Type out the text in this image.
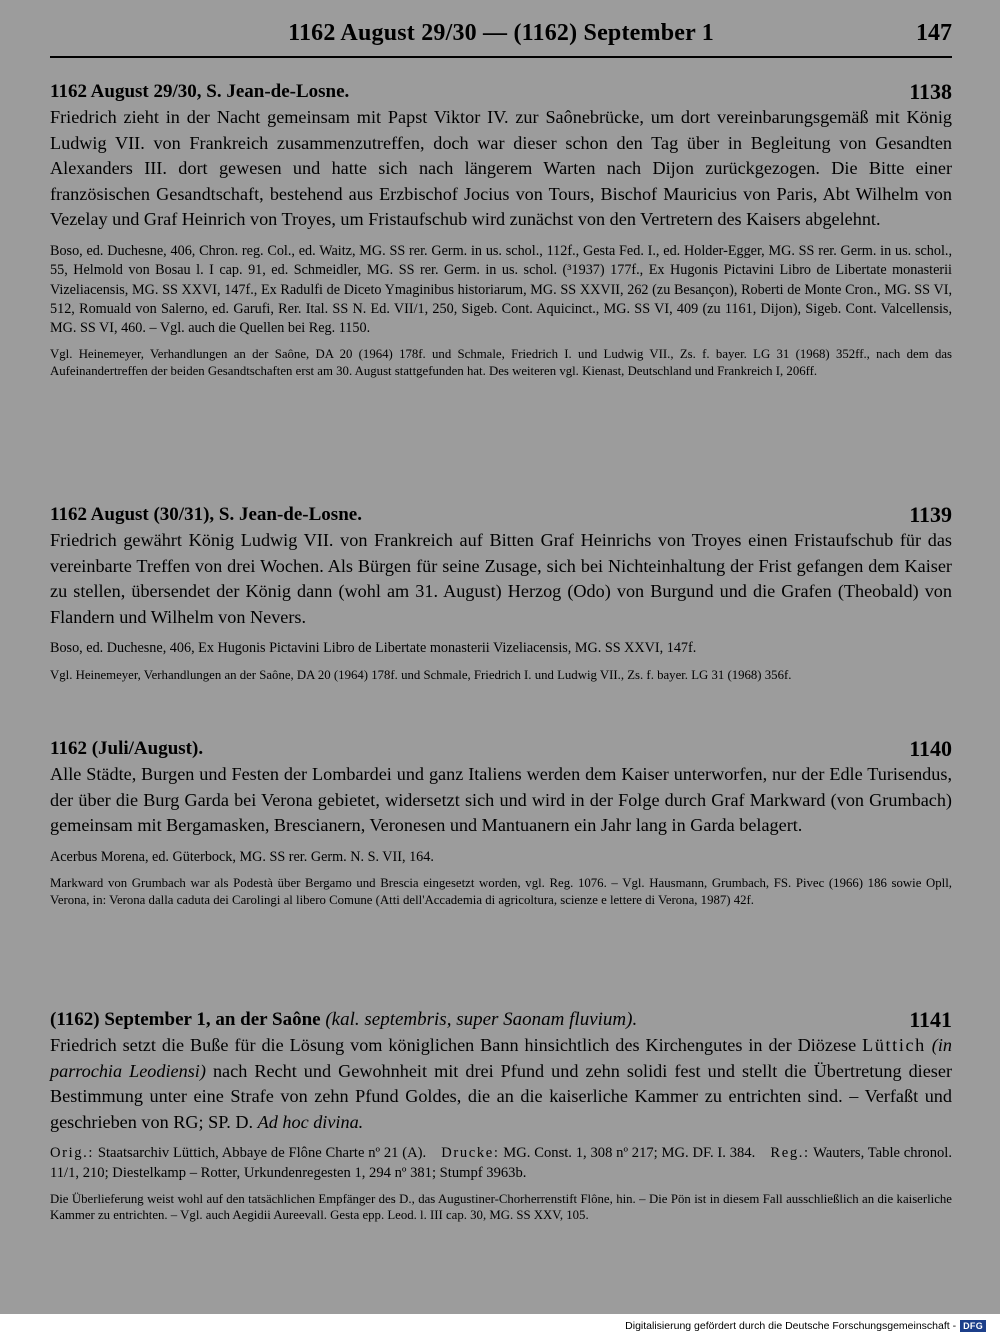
1162 August 29/30 — (1162) September 1	147
1162 August 29/30, S. Jean-de-Losne.	1138
Friedrich zieht in der Nacht gemeinsam mit Papst Viktor IV. zur Saônebrücke, um dort vereinbarungsgemäß mit König Ludwig VII. von Frankreich zusammenzutreffen, doch war dieser schon den Tag über in Begleitung von Gesandten Alexanders III. dort gewesen und hatte sich nach längerem Warten nach Dijon zurückgezogen. Die Bitte einer französischen Gesandtschaft, bestehend aus Erzbischof Jocius von Tours, Bischof Mauricius von Paris, Abt Wilhelm von Vezelay und Graf Heinrich von Troyes, um Fristaufschub wird zunächst von den Vertretern des Kaisers abgelehnt.
Boso, ed. Duchesne, 406, Chron. reg. Col., ed. Waitz, MG. SS rer. Germ. in us. schol., 112f., Gesta Fed. I., ed. Holder-Egger, MG. SS rer. Germ. in us. schol., 55, Helmold von Bosau l. I cap. 91, ed. Schmeidler, MG. SS rer. Germ. in us. schol. (³1937) 177f., Ex Hugonis Pictavini Libro de Libertate monasterii Vizeliacensis, MG. SS XXVI, 147f., Ex Radulfi de Diceto Ymaginibus historiarum, MG. SS XXVII, 262 (zu Besançon), Roberti de Monte Cron., MG. SS VI, 512, Romuald von Salerno, ed. Garufi, Rer. Ital. SS N. Ed. VII/1, 250, Sigeb. Cont. Aquicinct., MG. SS VI, 409 (zu 1161, Dijon), Sigeb. Cont. Valcellensis, MG. SS VI, 460. – Vgl. auch die Quellen bei Reg. 1150.
Vgl. Heinemeyer, Verhandlungen an der Saône, DA 20 (1964) 178f. und Schmale, Friedrich I. und Ludwig VII., Zs. f. bayer. LG 31 (1968) 352ff., nach dem das Aufeinandertreffen der beiden Gesandtschaften erst am 30. August stattgefunden hat. Des weiteren vgl. Kienast, Deutschland und Frankreich I, 206ff.
1162 August (30/31), S. Jean-de-Losne.	1139
Friedrich gewährt König Ludwig VII. von Frankreich auf Bitten Graf Heinrichs von Troyes einen Fristaufschub für das vereinbarte Treffen von drei Wochen. Als Bürgen für seine Zusage, sich bei Nichteinhaltung der Frist gefangen dem Kaiser zu stellen, übersendet der König dann (wohl am 31. August) Herzog (Odo) von Burgund und die Grafen (Theobald) von Flandern und Wilhelm von Nevers.
Boso, ed. Duchesne, 406, Ex Hugonis Pictavini Libro de Libertate monasterii Vizeliacensis, MG. SS XXVI, 147f.
Vgl. Heinemeyer, Verhandlungen an der Saône, DA 20 (1964) 178f. und Schmale, Friedrich I. und Ludwig VII., Zs. f. bayer. LG 31 (1968) 356f.
1162 (Juli/August).	1140
Alle Städte, Burgen und Festen der Lombardei und ganz Italiens werden dem Kaiser unterworfen, nur der Edle Turisendus, der über die Burg Garda bei Verona gebietet, widersetzt sich und wird in der Folge durch Graf Markward (von Grumbach) gemeinsam mit Bergamasken, Brescianern, Veronesen und Mantuanern ein Jahr lang in Garda belagert.
Acerbus Morena, ed. Güterbock, MG. SS rer. Germ. N. S. VII, 164.
Markward von Grumbach war als Podestà über Bergamo und Brescia eingesetzt worden, vgl. Reg. 1076. – Vgl. Hausmann, Grumbach, FS. Pivec (1966) 186 sowie Opll, Verona, in: Verona dalla caduta dei Carolingi al libero Comune (Atti dell'Accademia di agricoltura, scienze e lettere di Verona, 1987) 42f.
(1162) September 1, an der Saône (kal. septembris, super Saonam fluvium).	1141
Friedrich setzt die Buße für die Lösung vom königlichen Bann hinsichtlich des Kirchengutes in der Diözese Lüttich (in parrochia Leodiensi) nach Recht und Gewohnheit mit drei Pfund und zehn solidi fest und stellt die Übertretung dieser Bestimmung unter eine Strafe von zehn Pfund Goldes, die an die kaiserliche Kammer zu entrichten sind. – Verfaßt und geschrieben von RG; SP. D. Ad hoc divina.
Orig.: Staatsarchiv Lüttich, Abbaye de Flône Charte nº 21 (A). Drucke: MG. Const. 1, 308 nº 217; MG. DF. I. 384. Reg.: Wauters, Table chronol. 11/1, 210; Diestelkamp – Rotter, Urkundenregesten 1, 294 nº 381; Stumpf 3963b.
Die Überlieferung weist wohl auf den tatsächlichen Empfänger des D., das Augustiner-Chorherrenstift Flône, hin. – Die Pön ist in diesem Fall ausschließlich an die kaiserliche Kammer zu entrichten. – Vgl. auch Aegidii Aureevall. Gesta epp. Leod. l. III cap. 30, MG. SS XXV, 105.
Digitalisierung gefördert durch die Deutsche Forschungsgemeinschaft - DFG
